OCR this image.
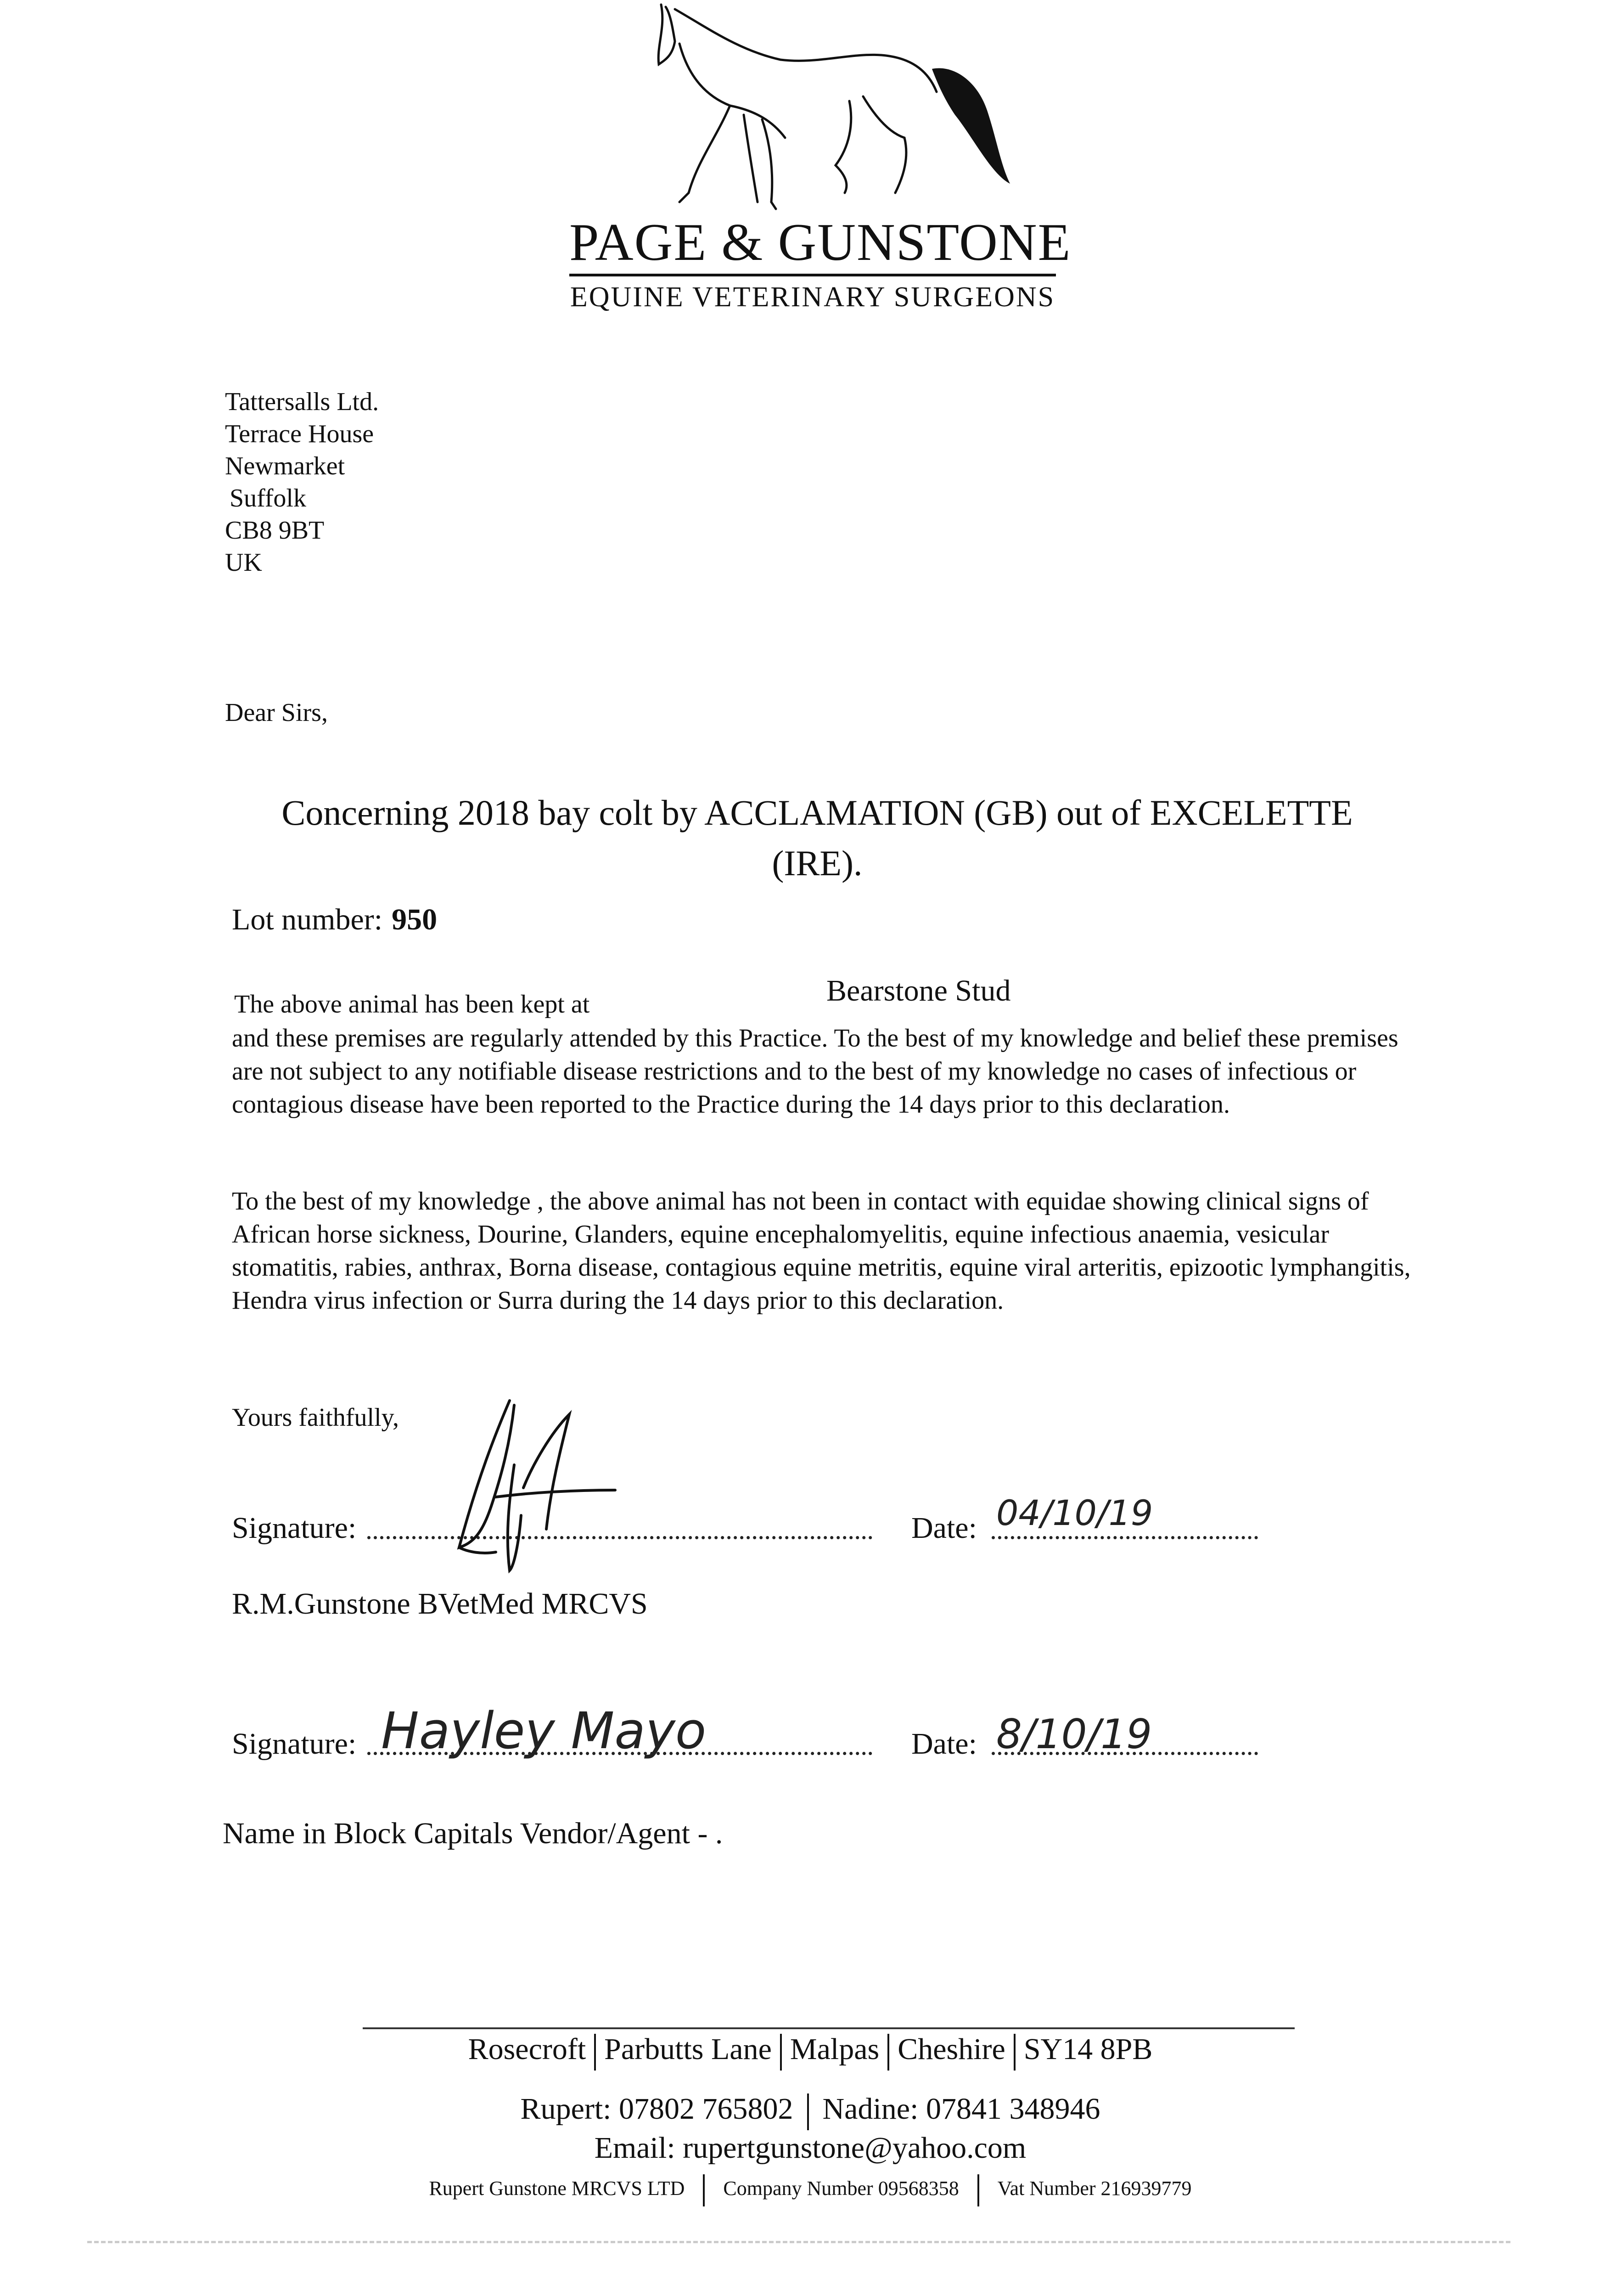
PAGE & GUNSTONE
EQUINE VETERINARY SURGEONS
Tattersalls Ltd.
Terrace House
Newmarket
Suffolk
CB8 9BT
UK
Dear Sirs,
Concerning 2018 bay colt by ACCLAMATION (GB) out of EXCELETTE
(IRE).
Lot number: 950
The above animal has been kept at	Bearstone Stud
and these premises are regularly attended by this Practice. To the best of my knowledge and belief these premises are not subject to any notifiable disease restrictions and to the best of my knowledge no cases of infectious or contagious disease have been reported to the Practice during the 14 days prior to this declaration.
To the best of my knowledge , the above animal has not been in contact with equidae showing clinical signs of African horse sickness, Dourine, Glanders, equine encephalomyelitis, equine infectious anaemia, vesicular stomatitis, rabies, anthrax, Borna disease, contagious equine metritis, equine viral arteritis, epizootic lymphangitis, Hendra virus infection or Surra during the 14 days prior to this declaration.
Yours faithfully,
Signature:	Date: 04/10/19
R.M.Gunstone BVetMed MRCVS
Signature: Hayley Mayo	Date: 8/10/19
Name in Block Capitals Vendor/Agent - .
Rosecroft Parbutts Lane Malpas Cheshire SY14 8PB
Rupert: 07802 765802 Nadine: 07841 348946
Email: rupertgunstone@yahoo.com
Rupert Gunstone MRCVS LTD Company Number 09568358 Vat Number 216939779
